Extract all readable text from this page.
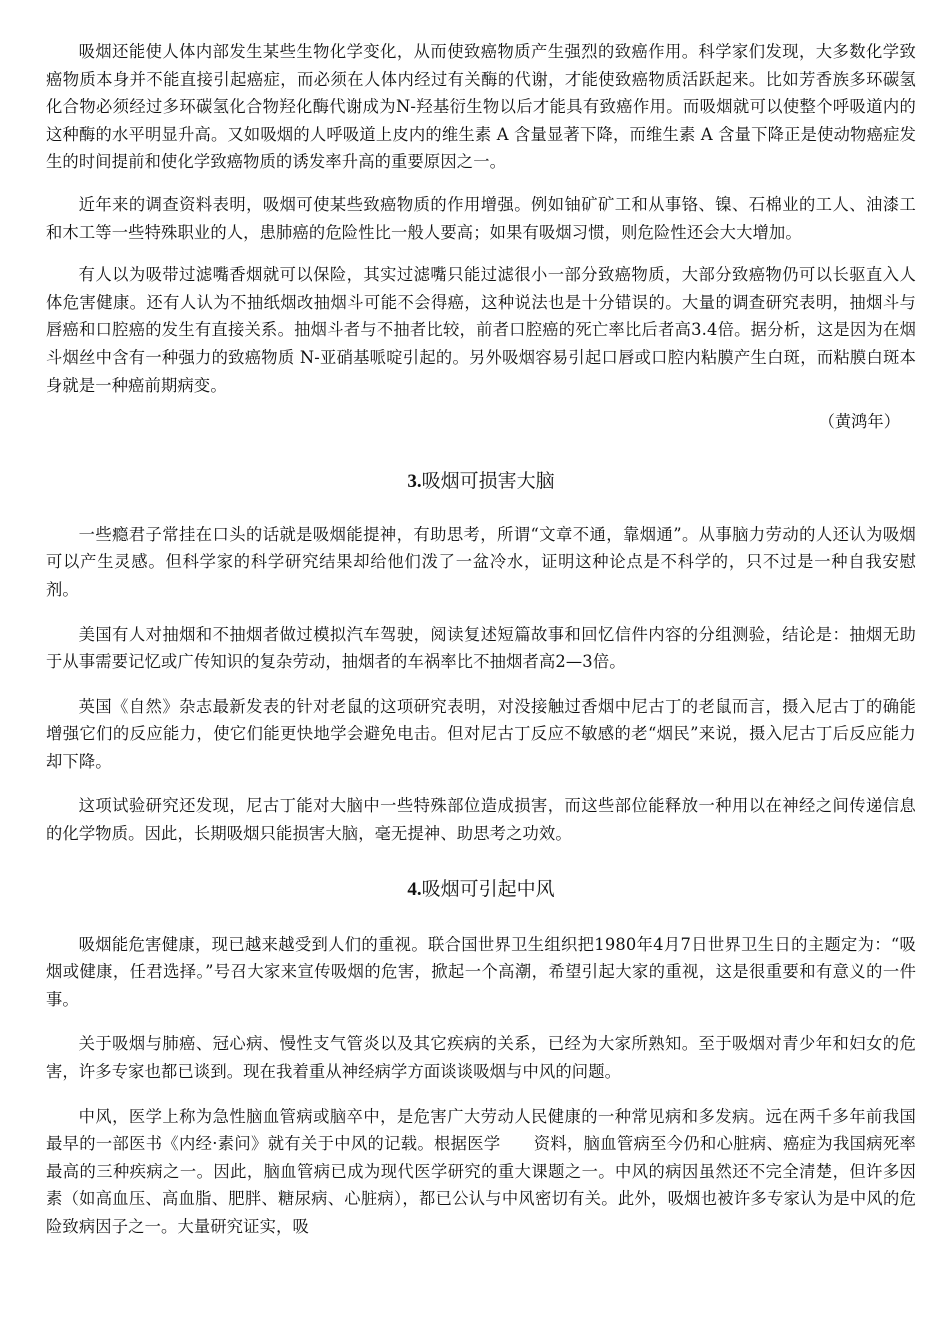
吸烟还能使人体内部发生某些生物化学变化，从而使致癌物质产生强烈的致癌作用。科学家们发现，大多数化学致癌物质本身并不能直接引起癌症，而必须在人体内经过有关酶的代谢，才能使致癌物质活跃起来。比如芳香族多环碳氢化合物必须经过多环碳氢化合物羟化酶代谢成为N-羟基衍生物以后才能具有致癌作用。而吸烟就可以使整个呼吸道内的这种酶的水平明显升高。又如吸烟的人呼吸道上皮内的维生素 A 含量显著下降，而维生素 A 含量下降正是使动物癌症发生的时间提前和使化学致癌物质的诱发率升高的重要原因之一。

近年来的调查资料表明，吸烟可使某些致癌物质的作用增强。例如铀矿矿工和从事铬、镍、石棉业的工人、油漆工和木工等一些特殊职业的人，患肺癌的危险性比一般人要高；如果有吸烟习惯，则危险性还会大大增加。

有人以为吸带过滤嘴香烟就可以保险，其实过滤嘴只能过滤很小一部分致癌物质，大部分致癌物仍可以长驱直入人体危害健康。还有人认为不抽纸烟改抽烟斗可能不会得癌，这种说法也是十分错误的。大量的调查研究表明，抽烟斗与唇癌和口腔癌的发生有直接关系。抽烟斗者与不抽者比较，前者口腔癌的死亡率比后者高3.4倍。据分析，这是因为在烟斗烟丝中含有一种强力的致癌物质 N-亚硝基哌啶引起的。另外吸烟容易引起口唇或口腔内粘膜产生白斑，而粘膜白斑本身就是一种癌前期病变。

（黄鸿年）

3.吸烟可损害大脑

一些瘾君子常挂在口头的话就是吸烟能提神，有助思考，所谓“文章不通，靠烟通”。从事脑力劳动的人还认为吸烟可以产生灵感。但科学家的科学研究结果却给他们泼了一盆冷水，证明这种论点是不科学的，只不过是一种自我安慰剂。

美国有人对抽烟和不抽烟者做过模拟汽车驾驶，阅读复述短篇故事和回忆信件内容的分组测验，结论是：抽烟无助于从事需要记忆或广传知识的复杂劳动，抽烟者的车祸率比不抽烟者高2—3倍。

英国《自然》杂志最新发表的针对老鼠的这项研究表明，对没接触过香烟中尼古丁的老鼠而言，摄入尼古丁的确能增强它们的反应能力，使它们能更快地学会避免电击。但对尼古丁反应不敏感的老“烟民”来说，摄入尼古丁后反应能力却下降。

这项试验研究还发现，尼古丁能对大脑中一些特殊部位造成损害，而这些部位能释放一种用以在神经之间传递信息的化学物质。因此，长期吸烟只能损害大脑，毫无提神、助思考之功效。

4.吸烟可引起中风

吸烟能危害健康，现已越来越受到人们的重视。联合国世界卫生组织把1980年4月7日世界卫生日的主题定为：“吸烟或健康，任君选择。”号召大家来宣传吸烟的危害，掀起一个高潮，希望引起大家的重视，这是很重要和有意义的一件事。

关于吸烟与肺癌、冠心病、慢性支气管炎以及其它疾病的关系，已经为大家所熟知。至于吸烟对青少年和妇女的危害，许多专家也都已谈到。现在我着重从神经病学方面谈谈吸烟与中风的问题。

中风，医学上称为急性脑血管病或脑卒中，是危害广大劳动人民健康的一种常见病和多发病。远在两千多年前我国最早的一部医书《内经·素问》就有关于中风的记载。根据医学　　资料，脑血管病至今仍和心脏病、癌症为我国病死率最高的三种疾病之一。因此，脑血管病已成为现代医学研究的重大课题之一。中风的病因虽然还不完全清楚，但许多因素（如高血压、高血脂、肥胖、糖尿病、心脏病），都已公认与中风密切有关。此外，吸烟也被许多专家认为是中风的危险致病因子之一。大量研究证实，吸
